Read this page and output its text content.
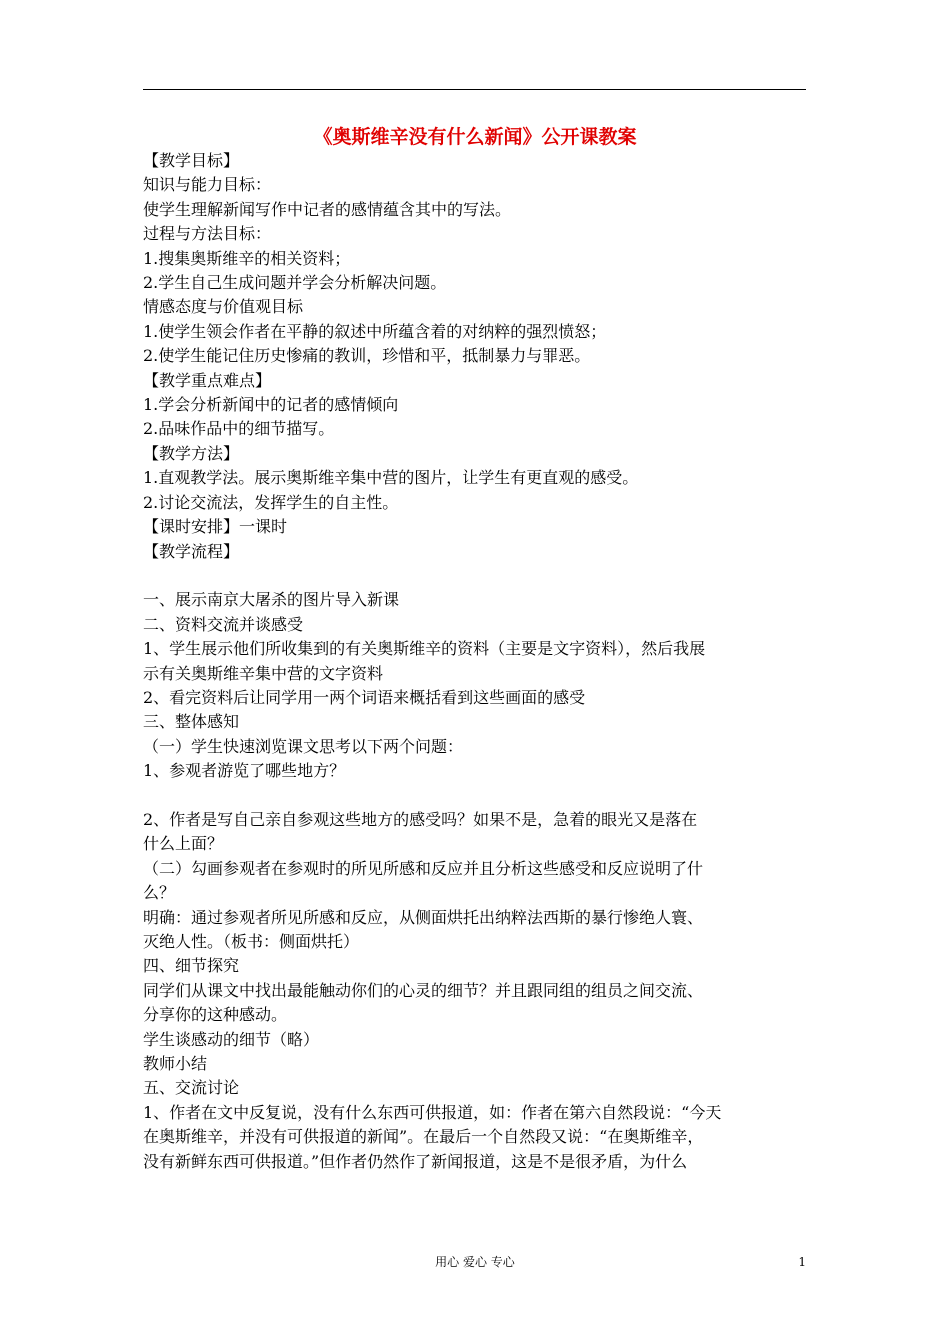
《奥斯维辛没有什么新闻》公开课教案
【教学目标】
知识与能力目标：
使学生理解新闻写作中记者的感情蕴含其中的写法。
过程与方法目标：
1.搜集奥斯维辛的相关资料；
2.学生自己生成问题并学会分析解决问题。
情感态度与价值观目标
1.使学生领会作者在平静的叙述中所蕴含着的对纳粹的强烈愤怒；
2.使学生能记住历史惨痛的教训，珍惜和平，抵制暴力与罪恶。
【教学重点难点】
1.学会分析新闻中的记者的感情倾向
2.品味作品中的细节描写。
【教学方法】
1.直观教学法。展示奥斯维辛集中营的图片，让学生有更直观的感受。
2.讨论交流法，发挥学生的自主性。
【课时安排】一课时
【教学流程】
一、展示南京大屠杀的图片导入新课
二、资料交流并谈感受
1、学生展示他们所收集到的有关奥斯维辛的资料（主要是文字资料），然后我展
示有关奥斯维辛集中营的文字资料
2、看完资料后让同学用一两个词语来概括看到这些画面的感受
三、整体感知
（一）学生快速浏览课文思考以下两个问题：
1、参观者游览了哪些地方？
2、作者是写自己亲自参观这些地方的感受吗？如果不是，急着的眼光又是落在
什么上面？
（二）勾画参观者在参观时的所见所感和反应并且分析这些感受和反应说明了什
么？
明确：通过参观者所见所感和反应，从侧面烘托出纳粹法西斯的暴行惨绝人寰、
灭绝人性。（板书：侧面烘托）
四、细节探究
同学们从课文中找出最能触动你们的心灵的细节？并且跟同组的组员之间交流、
分享你的这种感动。
学生谈感动的细节（略）
教师小结
五、交流讨论
1、作者在文中反复说，没有什么东西可供报道，如：作者在第六自然段说：“今天
在奥斯维辛，并没有可供报道的新闻”。在最后一个自然段又说：“在奥斯维辛，
没有新鲜东西可供报道。”但作者仍然作了新闻报道，这是不是很矛盾，为什么
用心 爱心 专心	1
